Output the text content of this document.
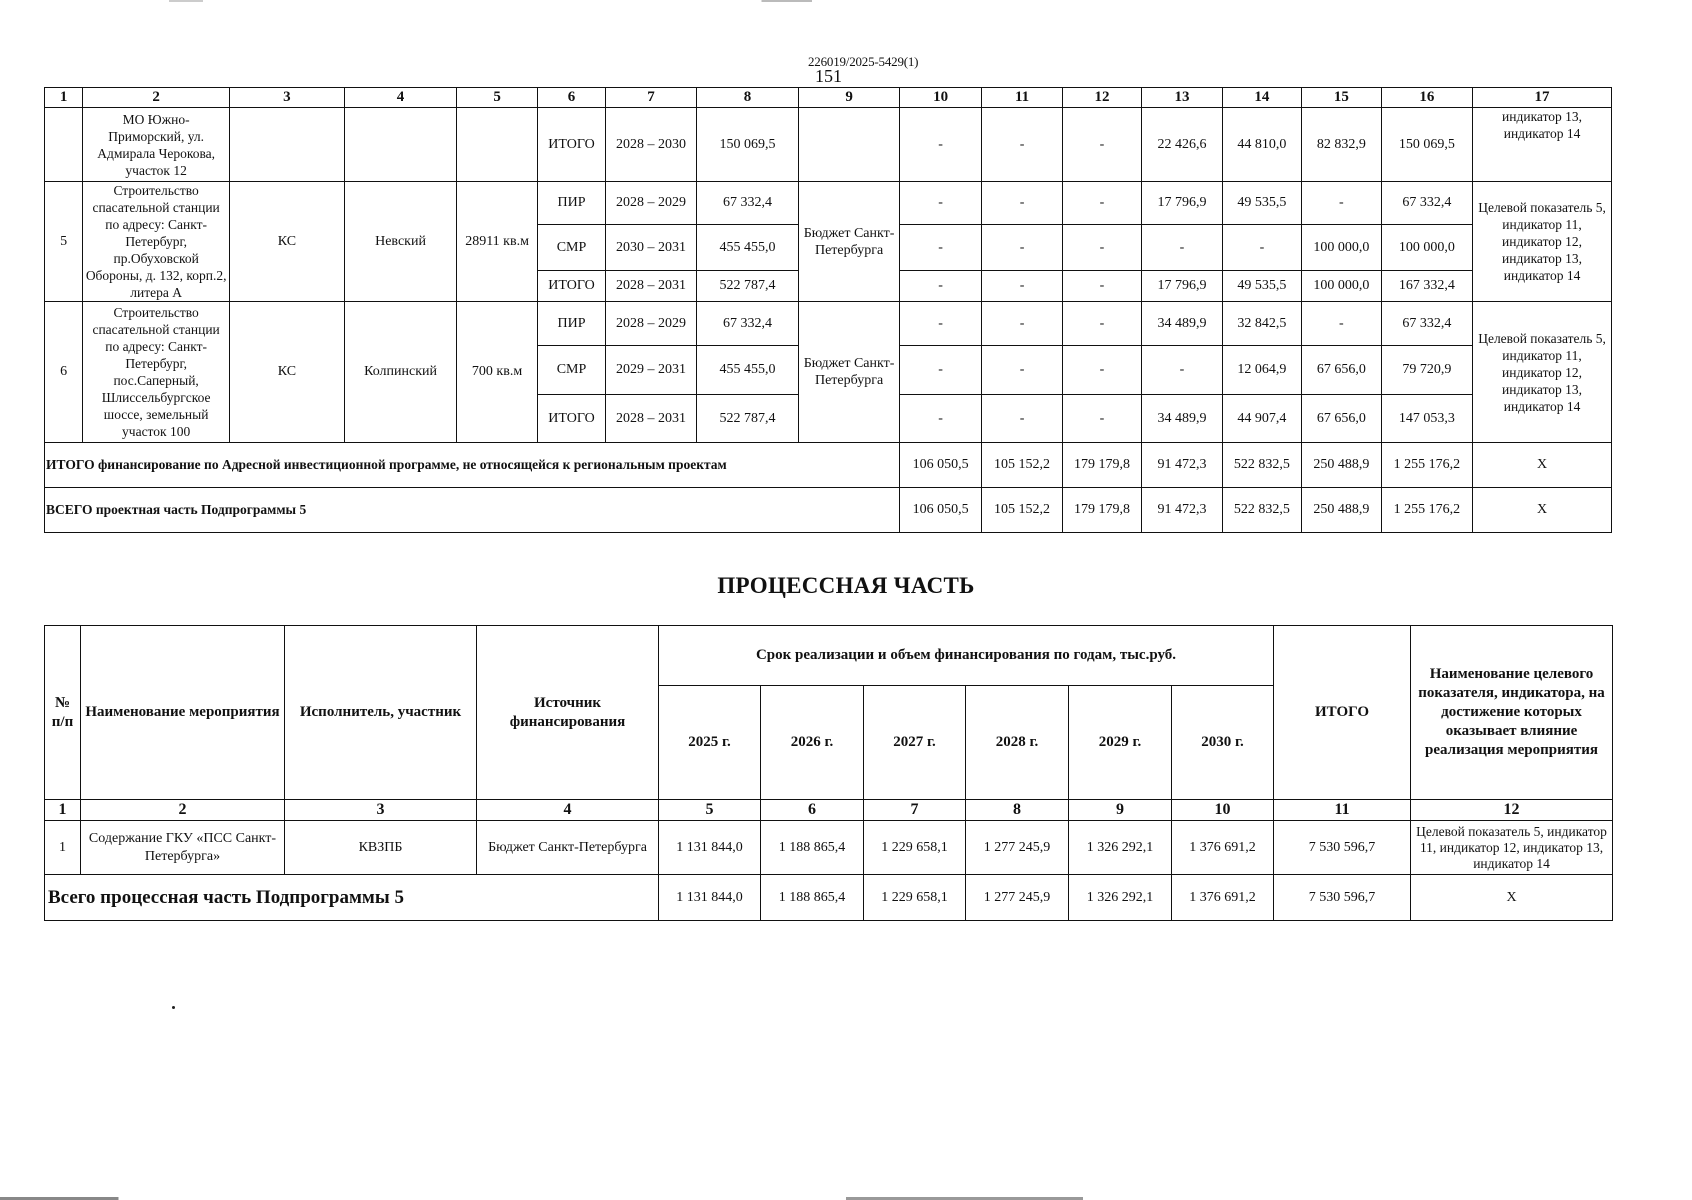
226019/2025-5429(1)
151
1	2	3	4	5	6	7	8	9	10	11	12	13	14	15	16	17
	МО Южно-Приморский, ул. Адмирала Черокова, участок 12				ИТОГО	2028 – 2030	150 069,5		-	-	-	22 426,6	44 810,0	82 832,9	150 069,5	индикатор 13, индикатор 14
5	Строительство спасательной станции по адресу: Санкт-Петербург, пр.Обуховской Обороны, д. 132, корп.2, литера А	КС	Невский	28911 кв.м	ПИР	2028 – 2029	67 332,4	Бюджет Санкт-Петербурга	-	-	-	17 796,9	49 535,5	-	67 332,4	Целевой показатель 5, индикатор 11, индикатор 12, индикатор 13, индикатор 14
					СМР	2030 – 2031	455 455,0		-	-	-	-	-	100 000,0	100 000,0	
					ИТОГО	2028 – 2031	522 787,4		-	-	-	17 796,9	49 535,5	100 000,0	167 332,4	
6	Строительство спасательной станции по адресу: Санкт-Петербург, пос.Саперный, Шлиссельбургское шоссе, земельный участок 100	КС	Колпинский	700 кв.м	ПИР	2028 – 2029	67 332,4	Бюджет Санкт-Петербурга	-	-	-	34 489,9	32 842,5	-	67 332,4	Целевой показатель 5, индикатор 11, индикатор 12, индикатор 13, индикатор 14
					СМР	2029 – 2031	455 455,0		-	-	-	-	12 064,9	67 656,0	79 720,9	
					ИТОГО	2028 – 2031	522 787,4		-	-	-	34 489,9	44 907,4	67 656,0	147 053,3	
ИТОГО финансирование по Адресной инвестиционной программе, не относящейся к региональным проектам									106 050,5	105 152,2	179 179,8	91 472,3	522 832,5	250 488,9	1 255 176,2	X
ВСЕГО проектная часть Подпрограммы 5									106 050,5	105 152,2	179 179,8	91 472,3	522 832,5	250 488,9	1 255 176,2	X
ПРОЦЕССНАЯ ЧАСТЬ
№ п/п	Наименование мероприятия	Исполнитель, участник	Источник финансирования	Срок реализации и объем финансирования по годам, тыс.руб.						ИТОГО	Наименование целевого показателя, индикатора, на достижение которых оказывает влияние реализация мероприятия
				2025 г.	2026 г.	2027 г.	2028 г.	2029 г.	2030 г.		
1	2	3	4	5	6	7	8	9	10	11	12
1	Содержание ГКУ «ПСС Санкт-Петербурга»	КВЗПБ	Бюджет Санкт-Петербурга	1 131 844,0	1 188 865,4	1 229 658,1	1 277 245,9	1 326 292,1	1 376 691,2	7 530 596,7	Целевой показатель 5, индикатор 11, индикатор 12, индикатор 13, индикатор 14
Всего процессная часть Подпрограммы 5				1 131 844,0	1 188 865,4	1 229 658,1	1 277 245,9	1 326 292,1	1 376 691,2	7 530 596,7	X
